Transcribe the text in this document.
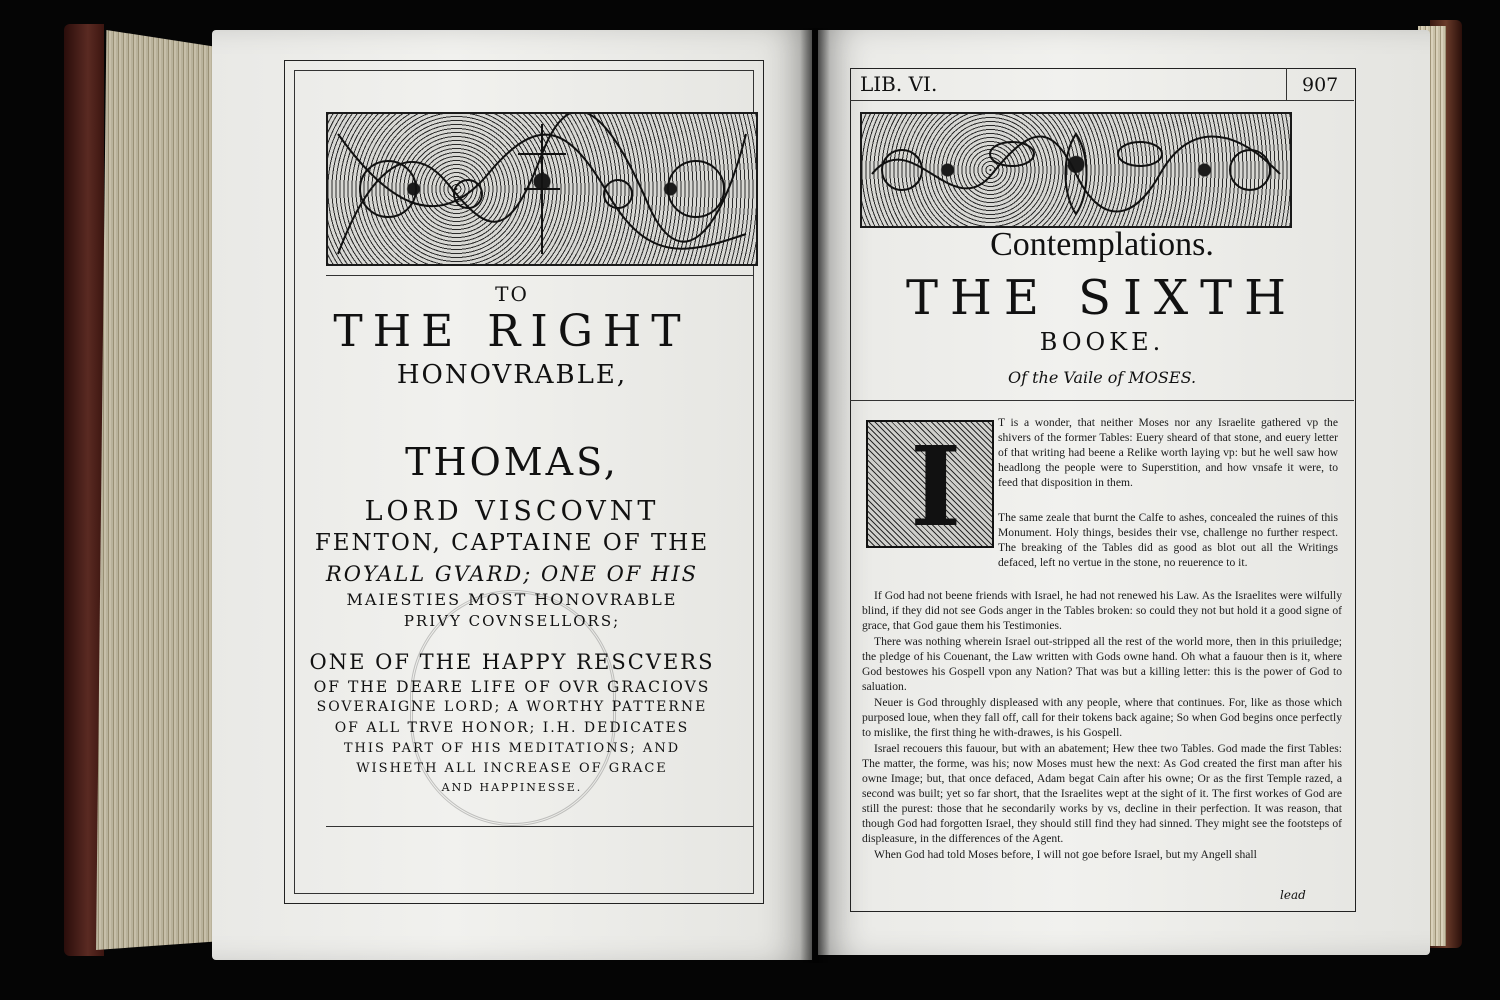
TO
THE RIGHT
HONOVRABLE,
THOMAS,
LORD VISCOVNT
FENTON, CAPTAINE OF THE
ROYALL GVARD; ONE OF HIS
MAIESTIES MOST HONOVRABLE
PRIVY COVNSELLORS;
ONE OF THE HAPPY RESCVERS
OF THE DEARE LIFE OF OVR GRACIOVS
SOVERAIGNE LORD; A WORTHY PATTERNE
OF ALL TRVE HONOR; I.H. DEDICATES
THIS PART OF HIS MEDITATIONS; AND
WISHETH ALL INCREASE OF GRACE
AND HAPPINESSE.
LIB. VI.	907
Contemplations.
THE SIXTH
BOOKE.
Of the Vaile of MOSES.
T is a wonder, that neither Moses nor any Israelite gathered vp the shivers of the former Tables: Euery sheard of that stone, and euery letter of that writing had beene a Relike worth laying vp: but he well saw how headlong the people were to Superstition, and how vnsafe it were, to feed that disposition in them.
The same zeale that burnt the Calfe to ashes, concealed the ruines of this Monument. Holy things, besides their vse, challenge no further respect. The breaking of the Tables did as good as blot out all the Writings defaced, left no vertue in the stone, no reuerence to it.

If God had not beene friends with Israel, he had not renewed his Law. As the Israelites were wilfully blind, if they did not see Gods anger in the Tables broken: so could they not but hold it a good signe of grace, that God gaue them his Testimonies.

There was nothing wherein Israel out-stripped all the rest of the world more, then in this priuiledge; the pledge of his Couenant, the Law written with Gods owne hand. Oh what a fauour then is it, where God bestowes his Gospell vpon any Nation? That was but a killing letter: this is the power of God to saluation.

Neuer is God throughly displeased with any people, where that continues. For, like as those which purposed loue, when they fall off, call for their tokens back againe; So when God begins once perfectly to mislike, the first thing he with-drawes, is his Gospell.

Israel recouers this fauour, but with an abatement; Hew thee two Tables. God made the first Tables: The matter, the forme, was his; now Moses must hew the next: As God created the first man after his owne Image; but, that once defaced, Adam begat Cain after his owne; Or as the first Temple razed, a second was built; yet so far short, that the Israelites wept at the sight of it. The first workes of God are still the purest: those that he secondarily works by vs, decline in their perfection. It was reason, that though God had forgotten Israel, they should still find they had sinned. They might see the footsteps of displeasure, in the differences of the Agent.

When God had told Moses before, I will not goe before Israel, but my Angell shall

lead
I
